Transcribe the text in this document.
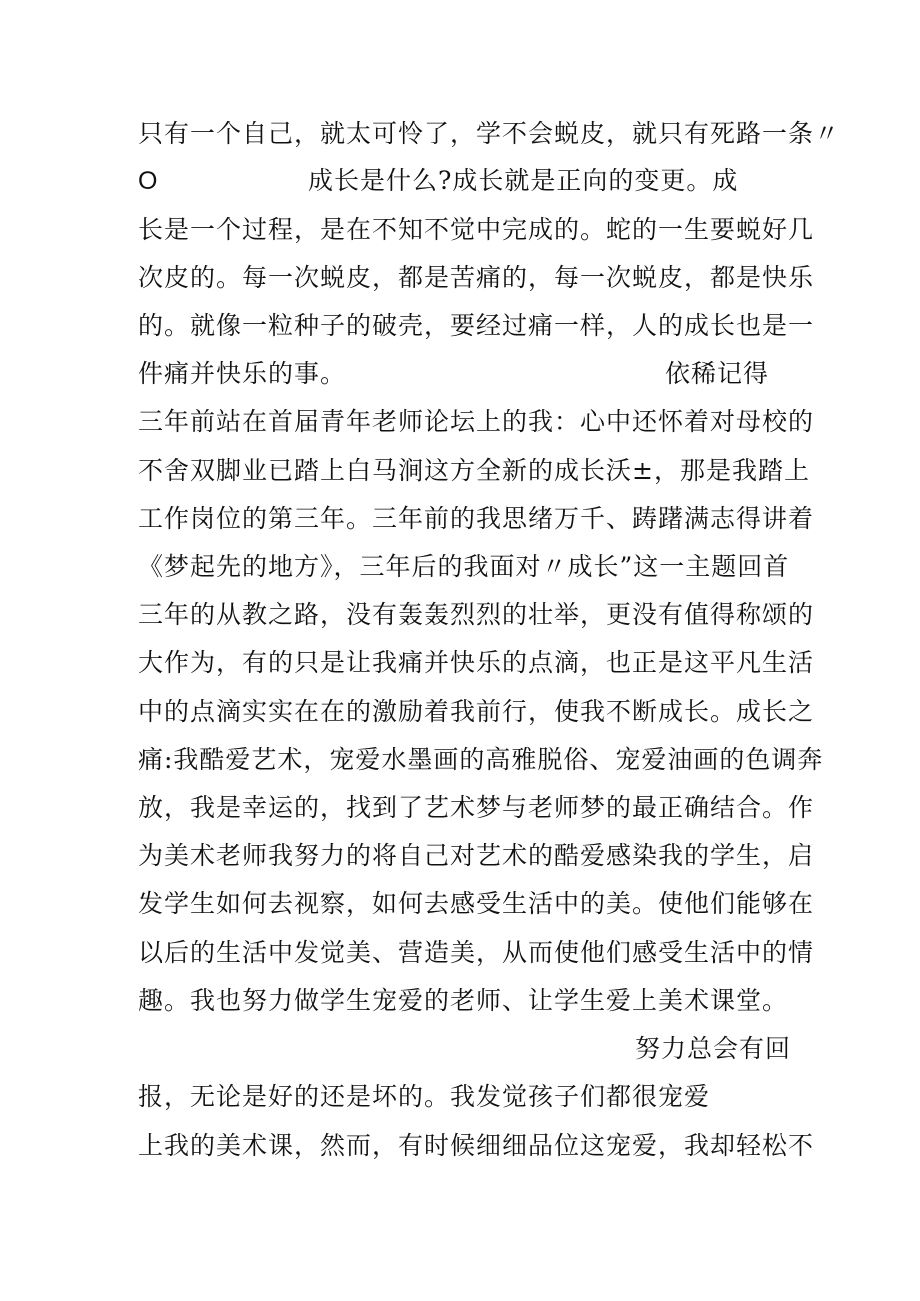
只有一个自己，就太可怜了，学不会蜕皮，就只有死路一条〃
O	成长是什么?成长就是正向的变更。成
长是一个过程，是在不知不觉中完成的。蛇的一生要蜕好几
次皮的。每一次蜕皮，都是苦痛的，每一次蜕皮，都是快乐
的。就像一粒种子的破壳，要经过痛一样，人的成长也是一
件痛并快乐的事。	依稀记得
三年前站在首届青年老师论坛上的我：心中还怀着对母校的
不舍双脚业已踏上白马涧这方全新的成长沃±，那是我踏上
工作岗位的第三年。三年前的我思绪万千、踌躇满志得讲着
《梦起先的地方》，三年后的我面对〃成长”这一主题回首
三年的从教之路，没有轰轰烈烈的壮举，更没有值得称颂的
大作为，有的只是让我痛并快乐的点滴，也正是这平凡生活
中的点滴实实在在的激励着我前行，使我不断成长。成长之
痛:我酷爱艺术，宠爱水墨画的高雅脱俗、宠爱油画的色调奔
放，我是幸运的，找到了艺术梦与老师梦的最正确结合。作
为美术老师我努力的将自己对艺术的酷爱感染我的学生，启
发学生如何去视察，如何去感受生活中的美。使他们能够在
以后的生活中发觉美、营造美，从而使他们感受生活中的情
趣。我也努力做学生宠爱的老师、让学生爱上美术课堂。
努力总会有回
报，无论是好的还是坏的。我发觉孩子们都很宠爱
上我的美术课，然而，有时候细细品位这宠爱，我却轻松不
